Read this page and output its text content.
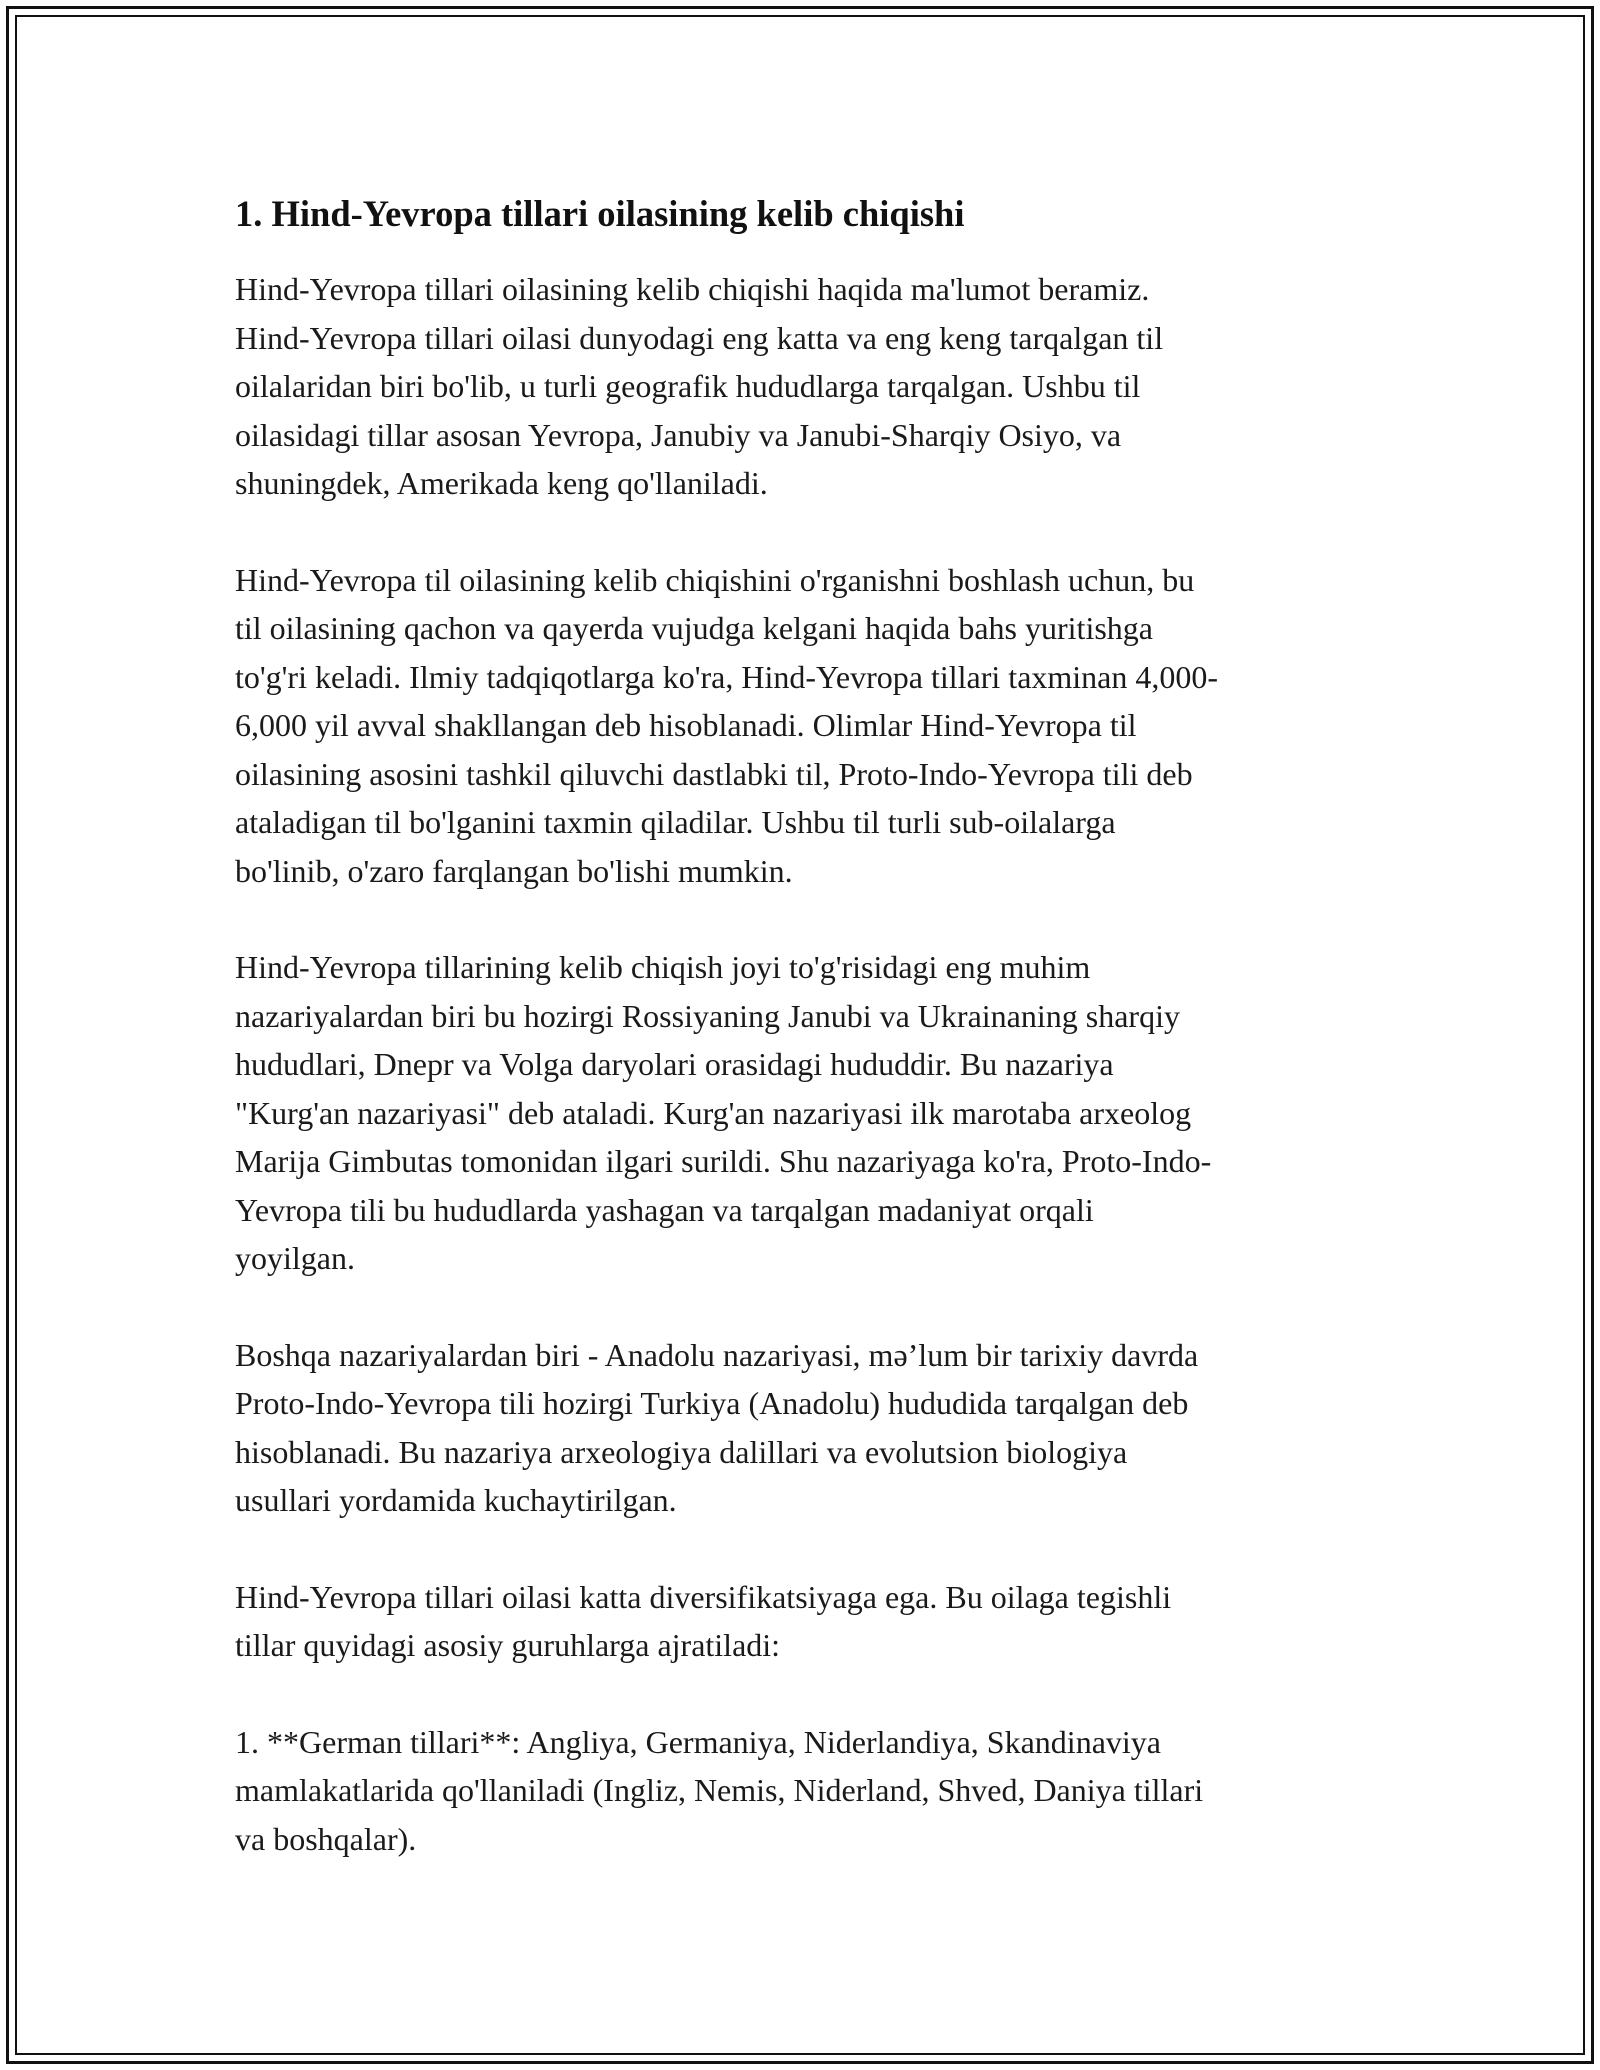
1. Hind-Yevropa tillari oilasining kelib chiqishi

Hind-Yevropa tillari oilasining kelib chiqishi haqida ma'lumot beramiz.
Hind-Yevropa tillari oilasi dunyodagi eng katta va eng keng tarqalgan til
oilalaridan biri bo'lib, u turli geografik hududlarga tarqalgan. Ushbu til
oilasidagi tillar asosan Yevropa, Janubiy va Janubi-Sharqiy Osiyo, va
shuningdek, Amerikada keng qo'llaniladi.

Hind-Yevropa til oilasining kelib chiqishini o'rganishni boshlash uchun, bu
til oilasining qachon va qayerda vujudga kelgani haqida bahs yuritishga
to'g'ri keladi. Ilmiy tadqiqotlarga ko'ra, Hind-Yevropa tillari taxminan 4,000-
6,000 yil avval shakllangan deb hisoblanadi. Olimlar Hind-Yevropa til
oilasining asosini tashkil qiluvchi dastlabki til, Proto-Indo-Yevropa tili deb
ataladigan til bo'lganini taxmin qiladilar. Ushbu til turli sub-oilalarga
bo'linib, o'zaro farqlangan bo'lishi mumkin.

Hind-Yevropa tillarining kelib chiqish joyi to'g'risidagi eng muhim
nazariyalardan biri bu hozirgi Rossiyaning Janubi va Ukrainaning sharqiy
hududlari, Dnepr va Volga daryolari orasidagi hududdir. Bu nazariya
"Kurg'an nazariyasi" deb ataladi. Kurg'an nazariyasi ilk marotaba arxeolog
Marija Gimbutas tomonidan ilgari surildi. Shu nazariyaga ko'ra, Proto-Indo-
Yevropa tili bu hududlarda yashagan va tarqalgan madaniyat orqali
yoyilgan.

Boshqa nazariyalardan biri - Anadolu nazariyasi, mə’lum bir tarixiy davrda
Proto-Indo-Yevropa tili hozirgi Turkiya (Anadolu) hududida tarqalgan deb
hisoblanadi. Bu nazariya arxeologiya dalillari va evolutsion biologiya
usullari yordamida kuchaytirilgan.

Hind-Yevropa tillari oilasi katta diversifikatsiyaga ega. Bu oilaga tegishli
tillar quyidagi asosiy guruhlarga ajratiladi:

1. **German tillari**: Angliya, Germaniya, Niderlandiya, Skandinaviya
mamlakatlarida qo'llaniladi (Ingliz, Nemis, Niderland, Shved, Daniya tillari
va boshqalar).
